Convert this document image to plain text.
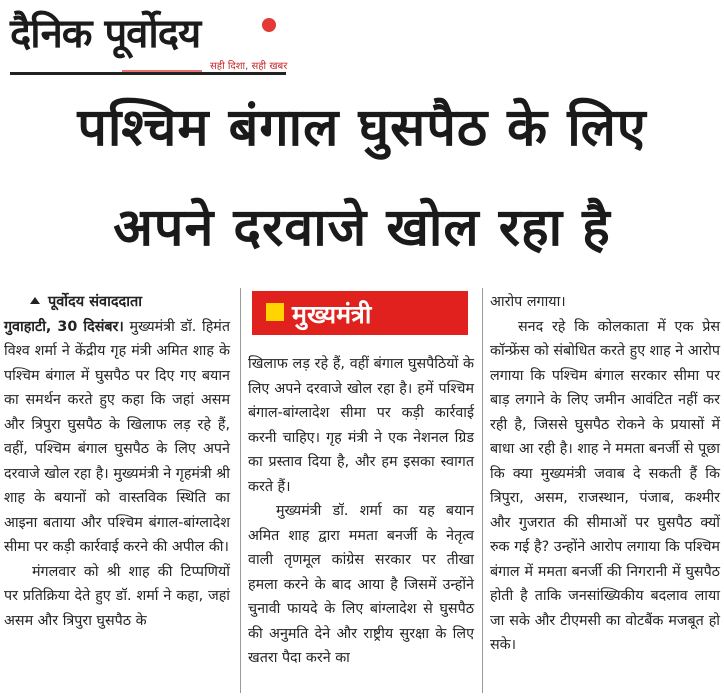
दैनिक पूर्वोदय
सही दिशा, सही खबर
पश्चिम बंगाल घुसपैठ के लिए
अपने दरवाजे खोल रहा है

पूर्वोदय संवाददाता

गुवाहाटी, 30 दिसंबर। मुख्यमंत्री डॉ. हिमंत विश्व शर्मा ने केंद्रीय गृह मंत्री अमित शाह के पश्चिम बंगाल में घुसपैठ पर दिए गए बयान का समर्थन करते हुए कहा कि जहां असम और त्रिपुरा घुसपैठ के खिलाफ लड़ रहे हैं, वहीं, पश्चिम बंगाल घुसपैठ के लिए अपने दरवाजे खोल रहा है। मुख्यमंत्री ने गृहमंत्री श्री शाह के बयानों को वास्तविक स्थिति का आइना बताया और पश्चिम बंगाल-बांग्लादेश सीमा पर कड़ी कार्रवाई करने की अपील की।

मंगलवार को श्री शाह की टिप्पणियों पर प्रतिक्रिया देते हुए डॉ. शर्मा ने कहा, जहां असम और त्रिपुरा घुसपैठ के

मुख्यमंत्री

खिलाफ लड़ रहे हैं, वहीं बंगाल घुसपैठियों के लिए अपने दरवाजे खोल रहा है। हमें पश्चिम बंगाल-बांग्लादेश सीमा पर कड़ी कार्रवाई करनी चाहिए। गृह मंत्री ने एक नेशनल ग्रिड का प्रस्ताव दिया है, और हम इसका स्वागत करते हैं।

मुख्यमंत्री डॉ. शर्मा का यह बयान अमित शाह द्वारा ममता बनर्जी के नेतृत्व वाली तृणमूल कांग्रेस सरकार पर तीखा हमला करने के बाद आया है जिसमें उन्होंने चुनावी फायदे के लिए बांग्लादेश से घुसपैठ की अनुमति देने और राष्ट्रीय सुरक्षा के लिए खतरा पैदा करने का

आरोप लगाया।

सनद रहे कि कोलकाता में एक प्रेस कॉन्फ्रेंस को संबोधित करते हुए शाह ने आरोप लगाया कि पश्चिम बंगाल सरकार सीमा पर बाड़ लगाने के लिए जमीन आवंटित नहीं कर रही है, जिससे घुसपैठ रोकने के प्रयासों में बाधा आ रही है। शाह ने ममता बनर्जी से पूछा कि क्या मुख्यमंत्री जवाब दे सकती हैं कि त्रिपुरा, असम, राजस्थान, पंजाब, कश्मीर और गुजरात की सीमाओं पर घुसपैठ क्यों रुक गई है? उन्होंने आरोप लगाया कि पश्चिम बंगाल में ममता बनर्जी की निगरानी में घुसपैठ होती है ताकि जनसांख्यिकीय बदलाव लाया जा सके और टीएमसी का वोटबैंक मजबूत हो सके।
